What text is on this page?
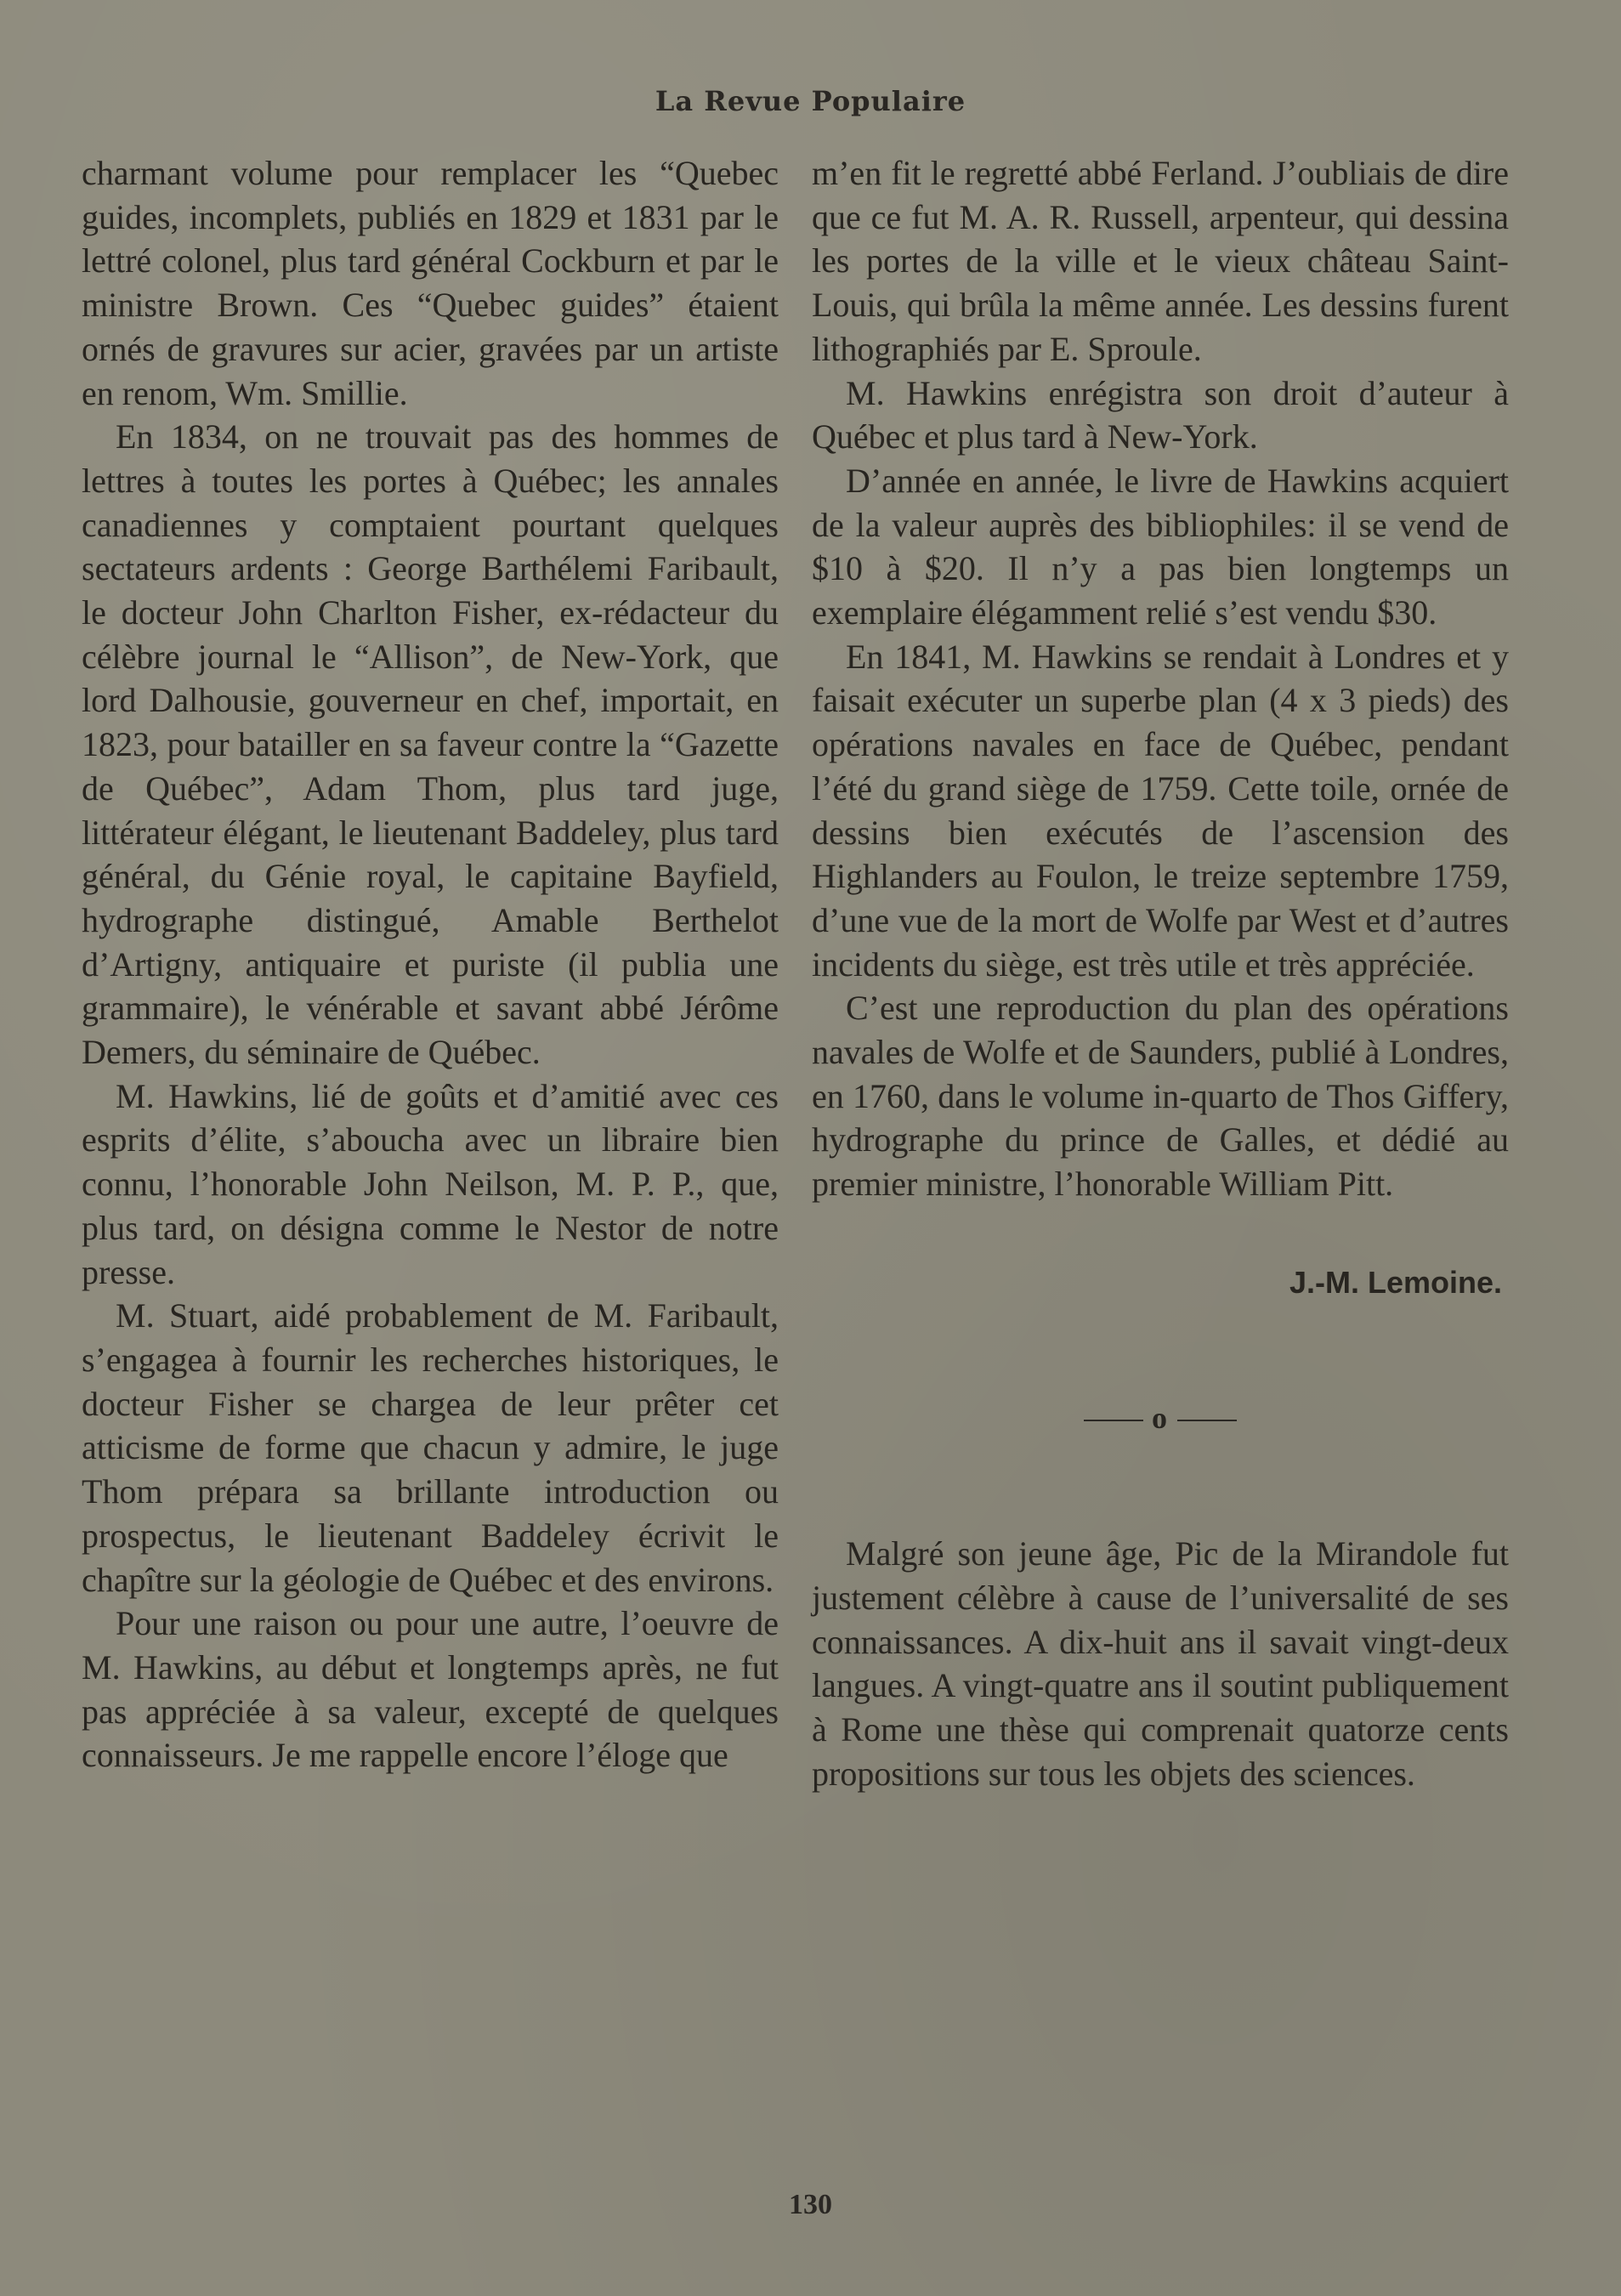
La Revue Populaire

charmant volume pour remplacer les “Quebec guides, incomplets, publiés en 1829 et 1831 par le lettré colonel, plus tard général Cockburn et par le ministre Brown. Ces “Quebec guides” étaient ornés de gravures sur acier, gravées par un artiste en renom, Wm. Smillie.

En 1834, on ne trouvait pas des hommes de lettres à toutes les portes à Québec; les annales canadiennes y comptaient pourtant quelques sectateurs ardents : George Barthélemi Faribault, le docteur John Charlton Fisher, ex-rédacteur du célèbre journal le “Allison”, de New-York, que lord Dalhousie, gouverneur en chef, importait, en 1823, pour batailler en sa faveur contre la “Gazette de Québec”, Adam Thom, plus tard juge, littérateur élégant, le lieutenant Baddeley, plus tard général, du Génie royal, le capitaine Bayfield, hydrographe distingué, Amable Berthelot d’Artigny, antiquaire et puriste (il publia une grammaire), le vénérable et savant abbé Jérôme Demers, du séminaire de Québec.

M. Hawkins, lié de goûts et d’amitié avec ces esprits d’élite, s’aboucha avec un libraire bien connu, l’honorable John Neilson, M. P. P., que, plus tard, on désigna comme le Nestor de notre presse.

M. Stuart, aidé probablement de M. Faribault, s’engagea à fournir les recherches historiques, le docteur Fisher se chargea de leur prêter cet atticisme de forme que chacun y admire, le juge Thom prépara sa brillante introduction ou prospectus, le lieutenant Baddeley écrivit le chapître sur la géologie de Québec et des environs.

Pour une raison ou pour une autre, l’oeuvre de M. Hawkins, au début et longtemps après, ne fut pas appréciée à sa valeur, excepté de quelques connaisseurs. Je me rappelle encore l’éloge que

m’en fit le regretté abbé Ferland. J’oubliais de dire que ce fut M. A. R. Russell, arpenteur, qui dessina les portes de la ville et le vieux château Saint-Louis, qui brûla la même année. Les dessins furent lithographiés par E. Sproule.

M. Hawkins enrégistra son droit d’auteur à Québec et plus tard à New-York.

D’année en année, le livre de Hawkins acquiert de la valeur auprès des bibliophiles: il se vend de $10 à $20. Il n’y a pas bien longtemps un exemplaire élégamment relié s’est vendu $30.

En 1841, M. Hawkins se rendait à Londres et y faisait exécuter un superbe plan (4 x 3 pieds) des opérations navales en face de Québec, pendant l’été du grand siège de 1759. Cette toile, ornée de dessins bien exécutés de l’ascension des Highlanders au Foulon, le treize septembre 1759, d’une vue de la mort de Wolfe par West et d’autres incidents du siège, est très utile et très appréciée.

C’est une reproduction du plan des opérations navales de Wolfe et de Saunders, publié à Londres, en 1760, dans le volume in-quarto de Thos Giffery, hydrographe du prince de Galles, et dédié au premier ministre, l’honorable William Pitt.

J.-M. Lemoine.
o

Malgré son jeune âge, Pic de la Mirandole fut justement célèbre à cause de l’universalité de ses connaissances. A dix-huit ans il savait vingt-deux langues. A vingt-quatre ans il soutint publiquement à Rome une thèse qui comprenait quatorze cents propositions sur tous les objets des sciences.

130
